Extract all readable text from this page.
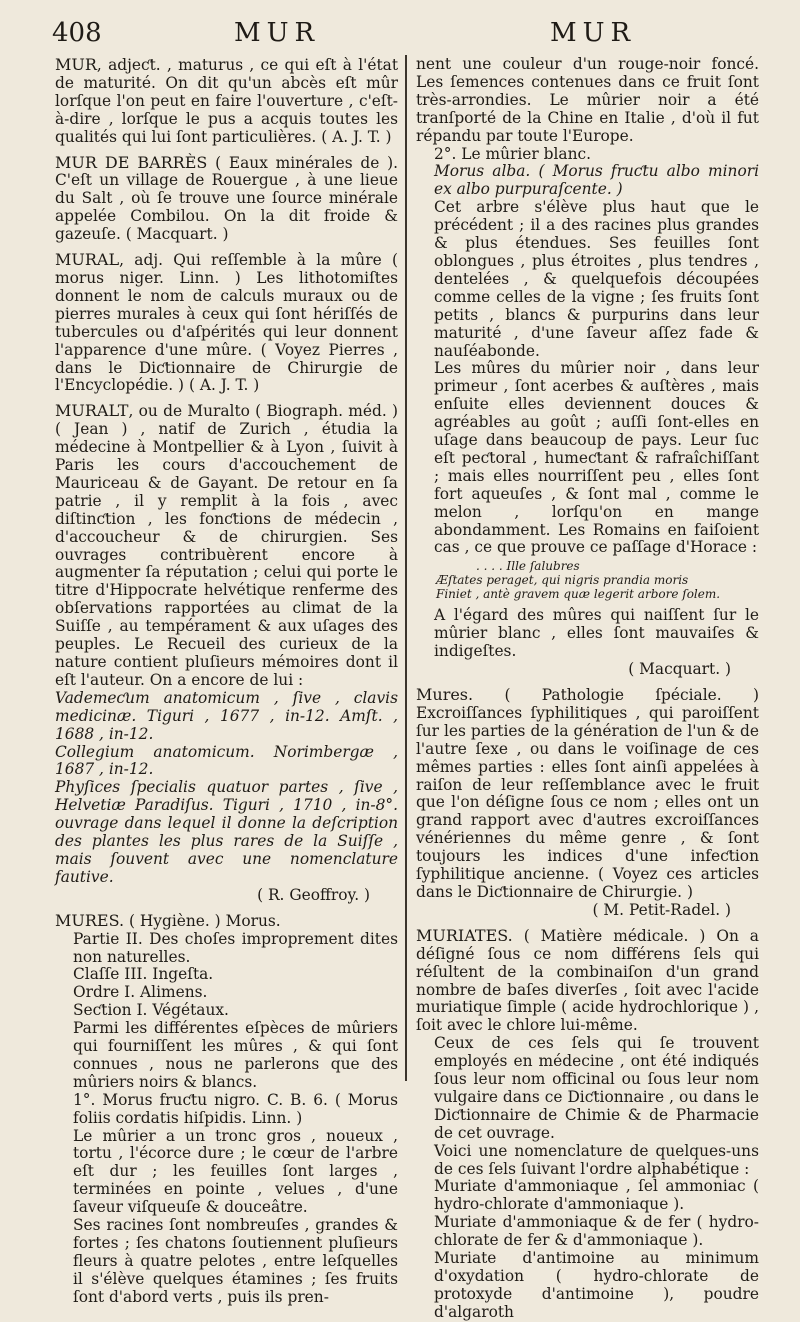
408	MUR	MUR

MUR, adjeƈt. , maturus , ce qui eſt à l'état de maturité. On dit qu'un abcès eſt mûr lorſque l'on peut en faire l'ouverture , c'eſt-à-dire , lorſque le pus a acquis toutes les qualités qui lui ſont particulières. ( A. J. T. )

MUR DE BARRÈS ( Eaux minérales de ). C'eſt un village de Rouergue , à une lieue du Salt , où ſe trouve une ſource minérale appelée Combilou. On la dit froide & gazeuſe. ( Macquart. )

MURAL, adj. Qui reſſemble à la mûre ( morus niger. Linn. ) Les lithotomiſtes donnent le nom de calculs muraux ou de pierres murales à ceux qui ſont hériſſés de tubercules ou d'aſpérités qui leur donnent l'apparence d'une mûre. ( Voyez Pierres , dans le Diƈtionnaire de Chirurgie de l'Encyclopédie. ) ( A. J. T. )

MURALT, ou de Muralto ( Biograph. méd. ) ( Jean ) , natif de Zurich , étudia la médecine à Montpellier & à Lyon , ſuivit à Paris les cours d'accouchement de Mauriceau & de Gayant. De retour en ſa patrie , il y remplit à la fois , avec diſtinƈtion , les fonƈtions de médecin , d'accoucheur & de chirurgien. Ses ouvrages contribuèrent encore à augmenter ſa réputation ; celui qui porte le titre d'Hippocrate helvétique renferme des obſervations rapportées au climat de la Suiſſe , au tempérament & aux uſages des peuples. Le Recueil des curieux de la nature contient pluſieurs mémoires dont il eſt l'auteur. On a encore de lui :

Vademeƈum anatomicum , ſive , clavis medicinæ. Tiguri , 1677 , in-12. Amſt. , 1688 , in-12.

Collegium anatomicum. Norimbergæ , 1687 , in-12.

Phyſices ſpecialis quatuor partes , ſive , Helvetiæ Paradiſus. Tiguri , 1710 , in-8°. ouvrage dans lequel il donne la deſcription des plantes les plus rares de la Suiſſe , mais ſouvent avec une nomenclature fautive.

( R. Geoffroy. )

MURES. ( Hygiène. ) Morus.

Partie II. Des choſes improprement dites non naturelles.

Claſſe III. Ingeſta.

Ordre I. Alimens.

Seƈtion I. Végétaux.

Parmi les différentes eſpèces de mûriers qui fourniſſent les mûres , & qui ſont connues , nous ne parlerons que des mûriers noirs & blancs.

1°. Morus fruƈtu nigro. C. B. 6. ( Morus foliis cordatis hiſpidis. Linn. )

Le mûrier a un tronc gros , noueux , tortu , l'écorce dure ; le cœur de l'arbre eſt dur ; les feuilles ſont larges , terminées en pointe , velues , d'une ſaveur viſqueuſe & douceâtre.

Ses racines ſont nombreuſes , grandes & fortes ; ſes chatons ſoutiennent pluſieurs fleurs à quatre pelotes , entre leſquelles il s'élève quelques étamines ; ſes fruits ſont d'abord verts , puis ils pren-

nent une couleur d'un rouge-noir foncé. Les ſemences contenues dans ce fruit ſont très-arrondies. Le mûrier noir a été tranſporté de la Chine en Italie , d'où il fut répandu par toute l'Europe.

2°. Le mûrier blanc.

Morus alba. ( Morus fruƈtu albo minori ex albo purpuraſcente. )

Cet arbre s'élève plus haut que le précédent ; il a des racines plus grandes & plus étendues. Ses feuilles ſont oblongues , plus étroites , plus tendres , dentelées , & quelquefois découpées comme celles de la vigne ; ſes fruits ſont petits , blancs & purpurins dans leur maturité , d'une ſaveur aſſez fade & nauſéabonde.

Les mûres du mûrier noir , dans leur primeur , ſont acerbes & auſtères , mais enſuite elles deviennent douces & agréables au goût ; auſſi ſont-elles en uſage dans beaucoup de pays. Leur ſuc eſt peƈtoral , humeƈtant & rafraîchiſſant ; mais elles nourriſſent peu , elles ſont fort aqueuſes , & ſont mal , comme le melon , lorſqu'on en mange abondamment. Les Romains en faiſoient cas , ce que prouve ce paſſage d'Horace :

. . . . Ille ſalubres
Æſtates peraget, qui nigris prandia moris
Finiet , antè gravem quæ legerit arbore ſolem.

A l'égard des mûres qui naiſſent ſur le mûrier blanc , elles ſont mauvaiſes & indigeſtes.

( Macquart. )

Mures. ( Pathologie ſpéciale. ) Excroiſſances ſyphilitiques , qui paroiſſent ſur les parties de la génération de l'un & de l'autre ſexe , ou dans le voiſinage de ces mêmes parties : elles ſont ainſi appelées à raiſon de leur reſſemblance avec le fruit que l'on déſigne ſous ce nom ; elles ont un grand rapport avec d'autres excroiſſances vénériennes du même genre , & ſont toujours les indices d'une infeƈtion ſyphilitique ancienne. ( Voyez ces articles dans le Diƈtionnaire de Chirurgie. )

( M. Petit-Radel. )

MURIATES. ( Matière médicale. ) On a déſigné ſous ce nom différens ſels qui réſultent de la combinaiſon d'un grand nombre de baſes diverſes , ſoit avec l'acide muriatique ſimple ( acide hydrochlorique ) , ſoit avec le chlore lui-même.

Ceux de ces ſels qui ſe trouvent employés en médecine , ont été indiqués ſous leur nom officinal ou ſous leur nom vulgaire dans ce Diƈtionnaire , ou dans le Diƈtionnaire de Chimie & de Pharmacie de cet ouvrage.

Voici une nomenclature de quelques-uns de ces ſels ſuivant l'ordre alphabétique :

Muriate d'ammoniaque , ſel ammoniac ( hydro-chlorate d'ammoniaque ).

Muriate d'ammoniaque & de fer ( hydro-chlorate de fer & d'ammoniaque ).

Muriate d'antimoine au minimum d'oxydation ( hydro-chlorate de protoxyde d'antimoine ), poudre d'algaroth
